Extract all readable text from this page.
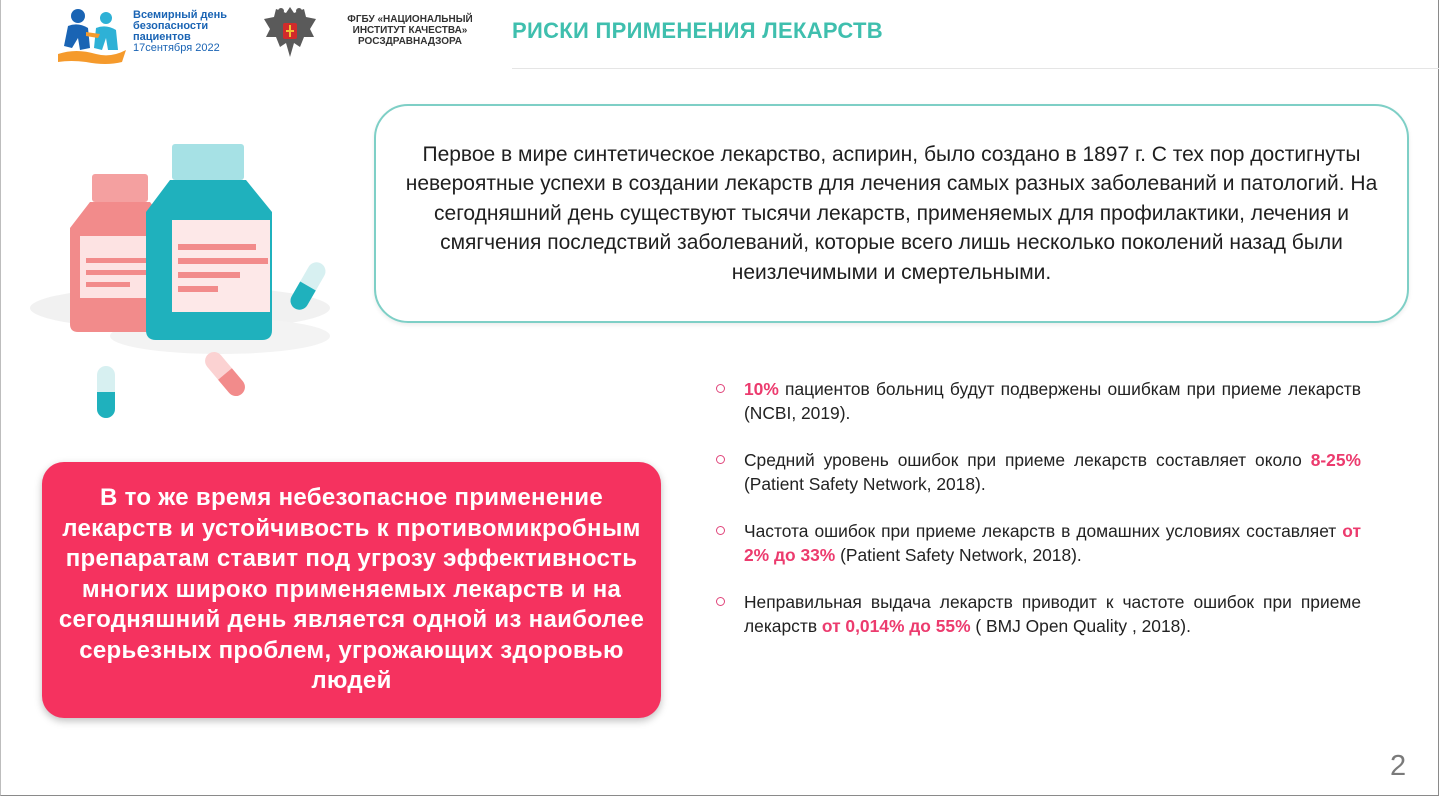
Всемирный день
безопасности
пациентов
17сентября 2022
ФГБУ «НАЦИОНАЛЬНЫЙ
ИНСТИТУТ КАЧЕСТВА»
РОСЗДРАВНАДЗОРА	РИСКИ ПРИМЕНЕНИЯ ЛЕКАРСТВ
Первое в мире синтетическое лекарство, аспирин, было создано в 1897 г. С тех пор достигнуты невероятные успехи в создании лекарств для лечения самых разных заболеваний и патологий. На сегодняшний день существуют тысячи лекарств, применяемых для профилактики, лечения и смягчения последствий заболеваний, которые всего лишь несколько поколений назад были неизлечимыми и смертельными.
В то же время небезопасное применение лекарств и устойчивость к противомикробным препаратам ставит под угрозу эффективность многих широко применяемых лекарств и на сегодняшний день является одной из наиболее серьезных проблем, угрожающих здоровью людей
10% пациентов больниц будут подвержены ошибкам при приеме лекарств (NCBI, 2019).
Средний уровень ошибок при приеме лекарств составляет около 8-25% (Patient Safety Network, 2018).
Частота ошибок при приеме лекарств в домашних условиях составляет от 2% до 33% (Patient Safety Network, 2018).
Неправильная выдача лекарств приводит к частоте ошибок при приеме лекарств от 0,014% до 55% ( BMJ Open Quality , 2018).
2
